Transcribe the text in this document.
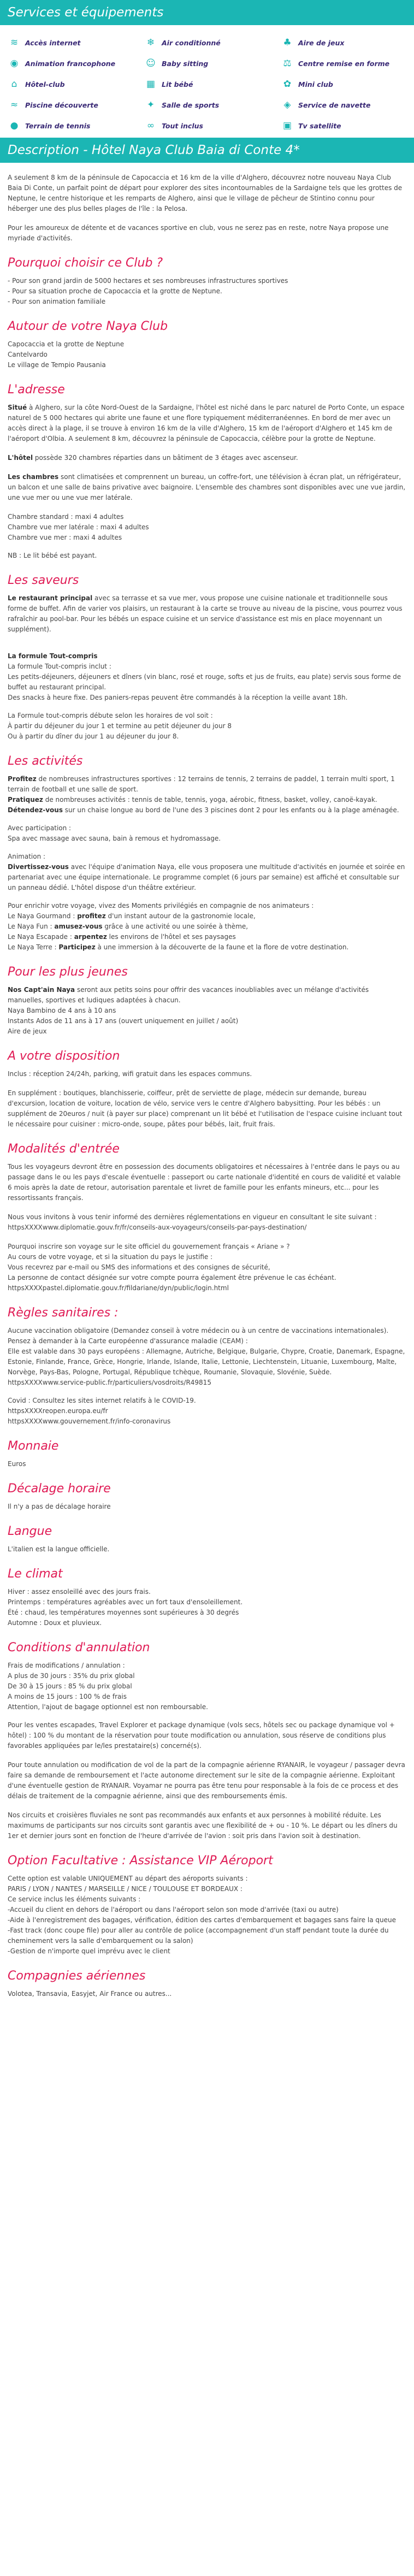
Services et équipements
≋	Accès internet	❄	Air conditionné	♣ Aire de jeux
◉	Animation francophone	☺ Baby sitting	⚖ Centre remise en forme
⌂	Hôtel-club	▦ Lit bébé	✿	Mini club
≈	Piscine découverte	✦	Salle de sports	◈	Service de navette
●	Terrain de tennis	∞	Tout inclus	▣ Tv satellite
Description - Hôtel Naya Club Baia di Conte 4*

A seulement 8 km de la péninsule de Capocaccia et 16 km de la ville d'Alghero, découvrez notre nouveau Naya Club Baia Di Conte, un parfait point de départ pour explorer des sites incontournables de la Sardaigne tels que les grottes de Neptune, le centre historique et les remparts de Alghero, ainsi que le village de pêcheur de Stintino connu pour héberger une des plus belles plages de l'île : la Pelosa.

Pour les amoureux de détente et de vacances sportive en club, vous ne serez pas en reste, notre Naya propose une myriade d'activités.

Pourquoi choisir ce Club ?
- Pour son grand jardin de 5000 hectares et ses nombreuses infrastructures sportives
- Pour sa situation proche de Capocaccia et la grotte de Neptune.
- Pour son animation familiale
Autour de votre Naya Club
Capocaccia et la grotte de Neptune
Cantelvardo
Le village de Tempio Pausania
L'adresse

Situé à Alghero, sur la côte Nord-Ouest de la Sardaigne, l'hôtel est niché dans le parc naturel de Porto Conte, un espace naturel de 5 000 hectares qui abrite une faune et une flore typiquement méditerranéennes. En bord de mer avec un accès direct à la plage, il se trouve à environ 16 km de la ville d'Alghero, 15 km de l'aéroport d'Alghero et 145 km de l'aéroport d'Olbia. A seulement 8 km, découvrez la péninsule de Capocaccia, célèbre pour la grotte de Neptune.

L'hôtel possède 320 chambres réparties dans un bâtiment de 3 étages avec ascenseur.

Les chambres sont climatisées et comprennent un bureau, un coffre-fort, une télévision à écran plat, un réfrigérateur, un balcon et une salle de bains privative avec baignoire. L'ensemble des chambres sont disponibles avec une vue jardin, une vue mer ou une vue mer latérale.

Chambre standard : maxi 4 adultes
Chambre vue mer latérale : maxi 4 adultes
Chambre vue mer : maxi 4 adultes

NB : Le lit bébé est payant.

Les saveurs

Le restaurant principal avec sa terrasse et sa vue mer, vous propose une cuisine nationale et traditionnelle sous forme de buffet. Afin de varier vos plaisirs, un restaurant à la carte se trouve au niveau de la piscine, vous pourrez vous rafraîchir au pool-bar. Pour les bébés un espace cuisine et un service d'assistance est mis en place moyennant un supplément).

La formule Tout-compris
La formule Tout-compris inclut :
Les petits-déjeuners, déjeuners et dîners (vin blanc, rosé et rouge, softs et jus de fruits, eau plate) servis sous forme de buffet au restaurant principal.
Des snacks à heure fixe. Des paniers-repas peuvent être commandés à la réception la veille avant 18h.
La Formule tout-compris débute selon les horaires de vol soit :
À partir du déjeuner du jour 1 et termine au petit déjeuner du jour 8
Ou à partir du dîner du jour 1 au déjeuner du jour 8.
Les activités
Profitez de nombreuses infrastructures sportives : 12 terrains de tennis, 2 terrains de paddel, 1 terrain multi sport, 1 terrain de football et une salle de sport.
Pratiquez de nombreuses activités : tennis de table, tennis, yoga, aérobic, fitness, basket, volley, canoë-kayak.
Détendez-vous sur un chaise longue au bord de l'une des 3 piscines dont 2 pour les enfants ou à la plage aménagée.
Avec participation :
Spa avec massage avec sauna, bain à remous et hydromassage.
Animation :
Divertissez-vous avec l'équipe d'animation Naya, elle vous proposera une multitude d'activités en journée et soirée en partenariat avec une équipe internationale. Le programme complet (6 jours par semaine) est affiché et consultable sur un panneau dédié. L'hôtel dispose d'un théâtre extérieur.
Pour enrichir votre voyage, vivez des Moments privilégiés en compagnie de nos animateurs :
Le Naya Gourmand : profitez d'un instant autour de la gastronomie locale,
Le Naya Fun : amusez-vous grâce à une activité ou une soirée à thème,
Le Naya Escapade : arpentez les environs de l'hôtel et ses paysages
Le Naya Terre : Participez à une immersion à la découverte de la faune et la flore de votre destination.
Pour les plus jeunes
Nos Capt'ain Naya seront aux petits soins pour offrir des vacances inoubliables avec un mélange d'activités manuelles, sportives et ludiques adaptées à chacun.
Naya Bambino de 4 ans à 10 ans
Instants Ados de 11 ans à 17 ans (ouvert uniquement en juillet / août)
Aire de jeux
A votre disposition

Inclus : réception 24/24h, parking, wifi gratuit dans les espaces communs.

En supplément : boutiques, blanchisserie, coiffeur, prêt de serviette de plage, médecin sur demande, bureau d'excursion, location de voiture, location de vélo, service vers le centre d'Alghero babysitting. Pour les bébés : un supplément de 20euros / nuit (à payer sur place) comprenant un lit bébé et l'utilisation de l'espace cuisine incluant tout le nécessaire pour cuisiner : micro-onde, soupe, pâtes pour bébés, lait, fruit frais.

Modalités d'entrée

Tous les voyageurs devront être en possession des documents obligatoires et nécessaires à l'entrée dans le pays ou au passage dans le ou les pays d'escale éventuelle : passeport ou carte nationale d'identité en cours de validité et valable 6 mois après la date de retour, autorisation parentale et livret de famille pour les enfants mineurs, etc... pour les ressortissants français.

Nous vous invitons à vous tenir informé des dernières réglementations en vigueur en consultant le site suivant : httpsXXXXwww.diplomatie.gouv.fr/fr/conseils-aux-voyageurs/conseils-par-pays-destination/

Pourquoi inscrire son voyage sur le site officiel du gouvernement français « Ariane » ?
Au cours de votre voyage, et si la situation du pays le justifie :
Vous recevrez par e-mail ou SMS des informations et des consignes de sécurité,
La personne de contact désignée sur votre compte pourra également être prévenue le cas échéant.
httpsXXXXpastel.diplomatie.gouv.fr/fildariane/dyn/public/login.html
Règles sanitaires :
Aucune vaccination obligatoire (Demandez conseil à votre médecin ou à un centre de vaccinations internationales). Pensez à demander à la Carte européenne d'assurance maladie (CEAM) :
Elle est valable dans 30 pays européens : Allemagne, Autriche, Belgique, Bulgarie, Chypre, Croatie, Danemark, Espagne, Estonie, Finlande, France, Grèce, Hongrie, Irlande, Islande, Italie, Lettonie, Liechtenstein, Lituanie, Luxembourg, Malte, Norvège, Pays-Bas, Pologne, Portugal, République tchèque, Roumanie, Slovaquie, Slovénie, Suède.
httpsXXXXwww.service-public.fr/particuliers/vosdroits/R49815
Covid : Consultez les sites internet relatifs à le COVID-19.
httpsXXXXreopen.europa.eu/fr
httpsXXXXwww.gouvernement.fr/info-coronavirus
Monnaie

Euros

Décalage horaire

Il n'y a pas de décalage horaire

Langue

L'italien est la langue officielle.

Le climat
Hiver : assez ensoleillé avec des jours frais.
Printemps : températures agréables avec un fort taux d'ensoleillement.
Été : chaud, les températures moyennes sont supérieures à 30 degrés
Automne : Doux et pluvieux.
Conditions d'annulation
Frais de modifications / annulation :
A plus de 30 jours : 35% du prix global
De 30 à 15 jours : 85 % du prix global
A moins de 15 jours : 100 % de frais
Attention, l'ajout de bagage optionnel est non remboursable.

Pour les ventes escapades, Travel Explorer et package dynamique (vols secs, hôtels sec ou package dynamique vol + hôtel) : 100 % du montant de la réservation pour toute modification ou annulation, sous réserve de conditions plus favorables appliquées par le/les prestataire(s) concerné(s).

Pour toute annulation ou modification de vol de la part de la compagnie aérienne RYANAIR, le voyageur / passager devra faire sa demande de remboursement et l'acte autonome directement sur le site de la compagnie aérienne. Exploitant d'une éventuelle gestion de RYANAIR. Voyamar ne pourra pas être tenu pour responsable à la fois de ce process et des délais de traitement de la compagnie aérienne, ainsi que des remboursements émis.

Nos circuits et croisières fluviales ne sont pas recommandés aux enfants et aux personnes à mobilité réduite. Les maximums de participants sur nos circuits sont garantis avec une flexibilité de + ou - 10 %. Le départ ou les dîners du 1er et dernier jours sont en fonction de l'heure d'arrivée de l'avion : soit pris dans l'avion soit à destination.

Option Facultative : Assistance VIP Aéroport
Cette option est valable UNIQUEMENT au départ des aéroports suivants :
PARIS / LYON / NANTES / MARSEILLE / NICE / TOULOUSE ET BORDEAUX :
Ce service inclus les éléments suivants :
-Accueil du client en dehors de l'aéroport ou dans l'aéroport selon son mode d'arrivée (taxi ou autre)
-Aide à l'enregistrement des bagages, vérification, édition des cartes d'embarquement et bagages sans faire la queue
-Fast track (donc coupe file) pour aller au contrôle de police (accompagnement d'un staff pendant toute la durée du cheminement vers la salle d'embarquement ou la salon)
-Gestion de n'importe quel imprévu avec le client
Compagnies aériennes

Volotea, Transavia, Easyjet, Air France ou autres...
